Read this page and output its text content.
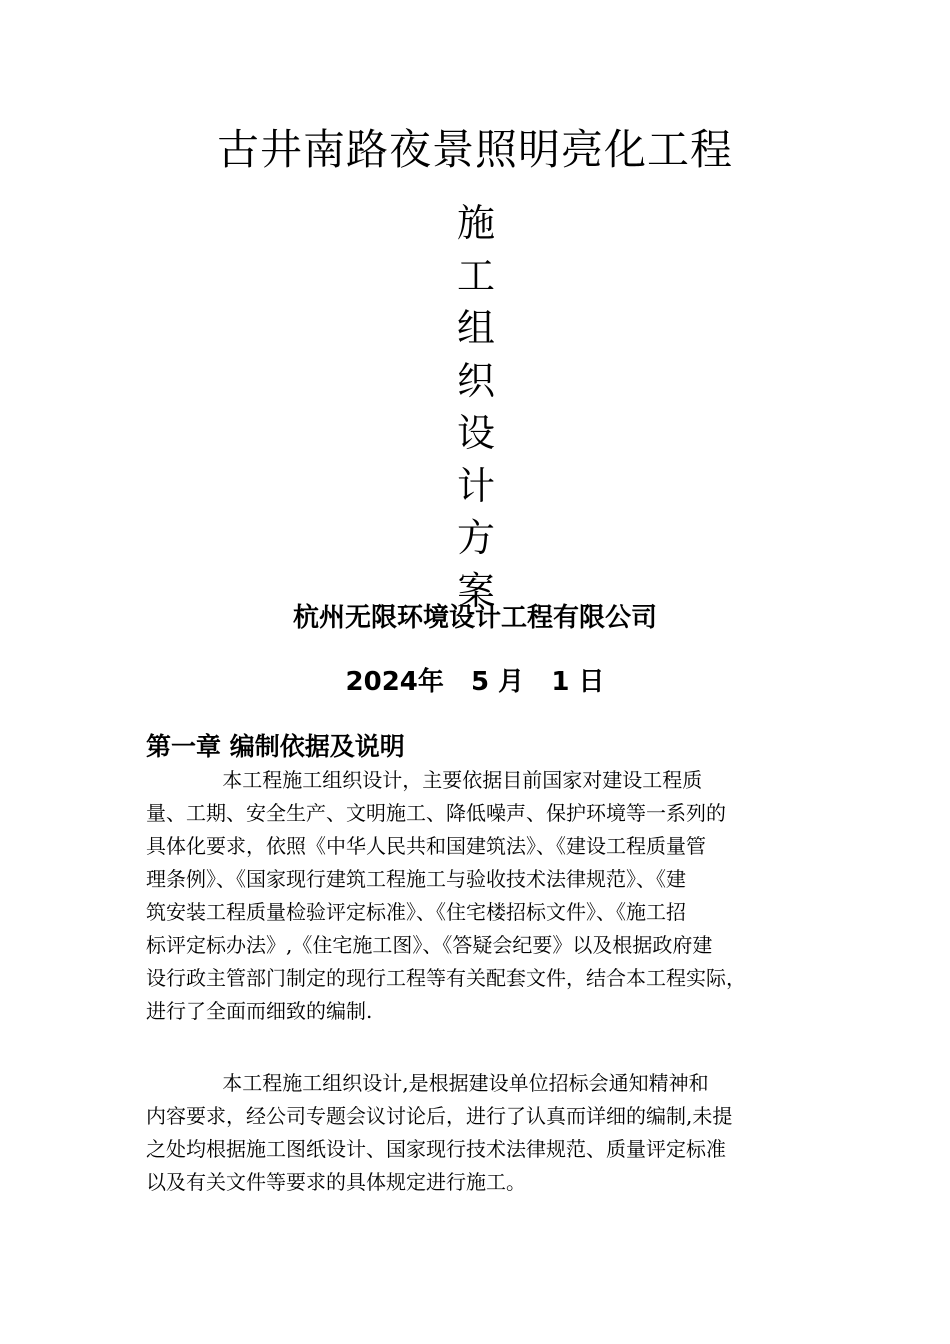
古井南路夜景照明亮化工程
施
工
组
织
设
计
方
案
杭州无限环境设计工程有限公司
2024年   5 月   1 日
第一章 编制依据及说明
本工程施工组织设计，主要依据目前国家对建设工程质
量、工期、安全生产、文明施工、降低噪声、保护环境等一系列的
具体化要求，依照《中华人民共和国建筑法》、《建设工程质量管
理条例》、《国家现行建筑工程施工与验收技术法律规范》、《建
筑安装工程质量检验评定标准》、《住宅楼招标文件》、《施工招
标评定标办法》,《住宅施工图》、《答疑会纪要》以及根据政府建
设行政主管部门制定的现行工程等有关配套文件，结合本工程实际，
进行了全面而细致的编制.
本工程施工组织设计,是根据建设单位招标会通知精神和
内容要求，经公司专题会议讨论后，进行了认真而详细的编制,未提
之处均根据施工图纸设计、国家现行技术法律规范、质量评定标准
以及有关文件等要求的具体规定进行施工。
